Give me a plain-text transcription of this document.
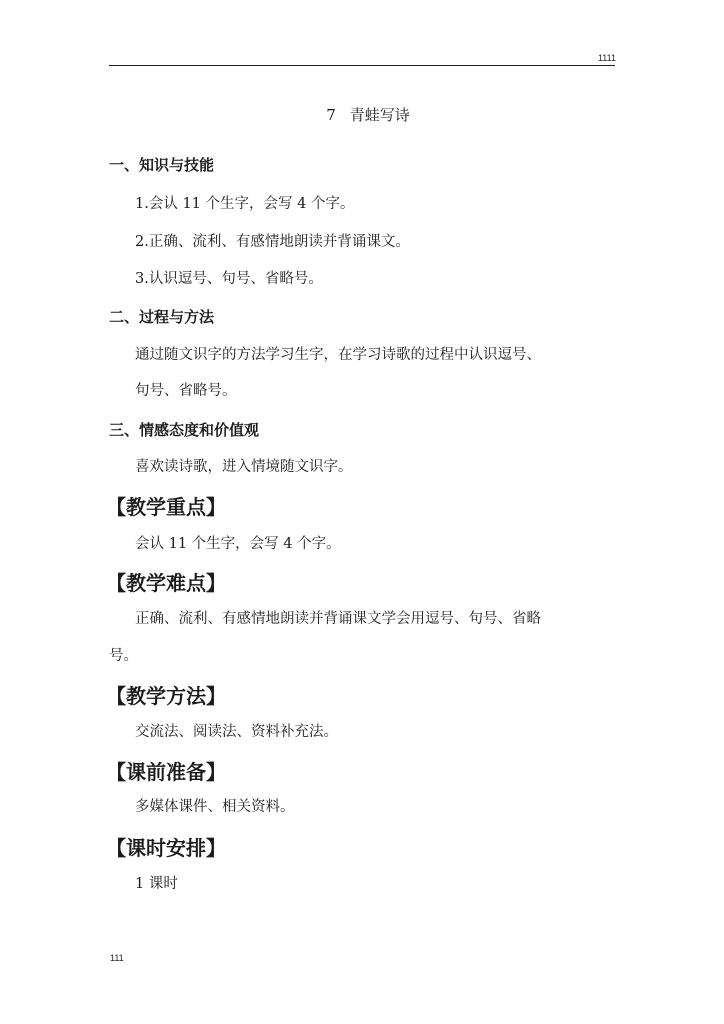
1111
7 青蛙写诗
一、知识与技能
1.会认 11 个生字，会写 4 个字。
2.正确、流利、有感情地朗读并背诵课文。
3.认识逗号、句号、省略号。
二、过程与方法
通过随文识字的方法学习生字，在学习诗歌的过程中认识逗号、
句号、省略号。
三、情感态度和价值观
喜欢读诗歌，进入情境随文识字。
【教学重点】
会认 11 个生字，会写 4 个字。
【教学难点】
正确、流利、有感情地朗读并背诵课文学会用逗号、句号、省略
号。
【教学方法】
交流法、阅读法、资料补充法。
【课前准备】
多媒体课件、相关资料。
【课时安排】
1 课时
111
